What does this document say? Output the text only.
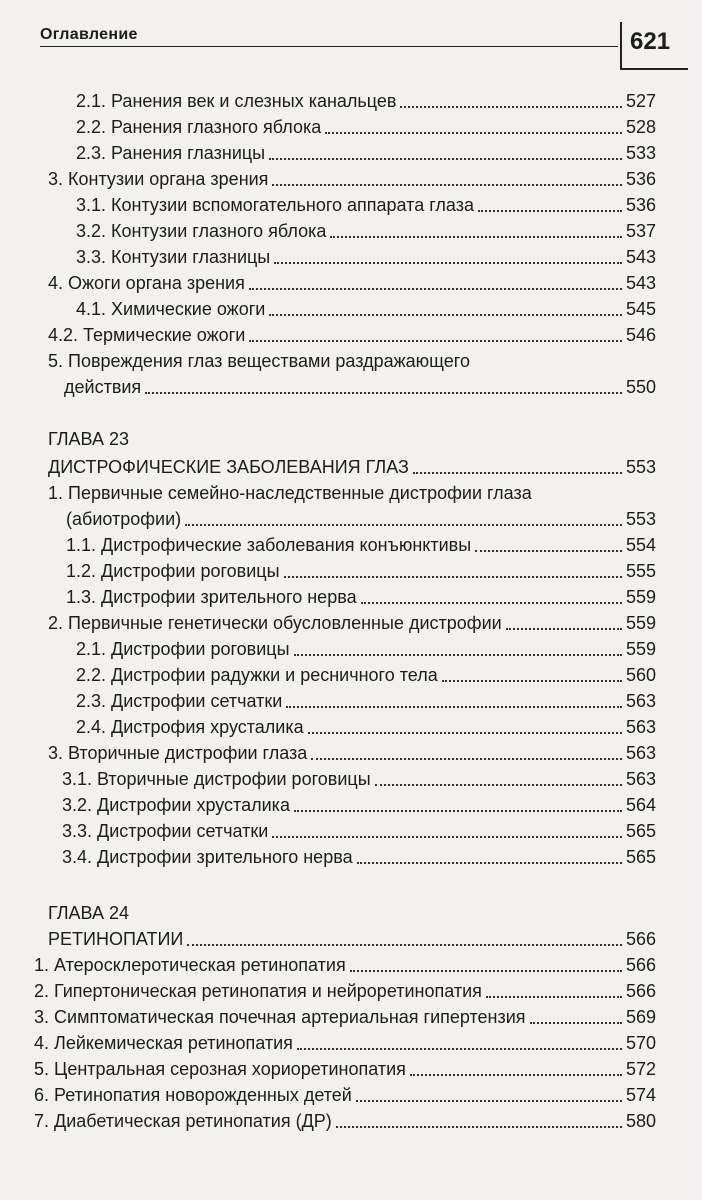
Оглавление	621
2.1. Ранения век и слезных канальцев	527
2.2. Ранения глазного яблока	528
2.3. Ранения глазницы	533
3. Контузии органа зрения	536
3.1. Контузии вспомогательного аппарата глаза	536
3.2. Контузии глазного яблока	537
3.3. Контузии глазницы	543
4. Ожоги органа зрения	543
4.1. Химические ожоги	545
4.2. Термические ожоги	546
5. Повреждения глаз веществами раздражающего
действия	550
ГЛАВА 23
ДИСТРОФИЧЕСКИЕ ЗАБОЛЕВАНИЯ ГЛАЗ	553
1. Первичные семейно-наследственные дистрофии глаза
(абиотрофии)	553
1.1. Дистрофические заболевания конъюнктивы	554
1.2. Дистрофии роговицы	555
1.3. Дистрофии зрительного нерва	559
2. Первичные генетически обусловленные дистрофии	559
2.1. Дистрофии роговицы	559
2.2. Дистрофии радужки и ресничного тела	560
2.3. Дистрофии сетчатки	563
2.4. Дистрофия хрусталика	563
3. Вторичные дистрофии глаза	563
3.1. Вторичные дистрофии роговицы	563
3.2. Дистрофии хрусталика	564
3.3. Дистрофии сетчатки	565
3.4. Дистрофии зрительного нерва	565
ГЛАВА 24
РЕТИНОПАТИИ	566
1. Атеросклеротическая ретинопатия	566
2. Гипертоническая ретинопатия и нейроретинопатия	566
3. Симптоматическая почечная артериальная гипертензия	569
4. Лейкемическая ретинопатия	570
5. Центральная серозная хориоретинопатия	572
6. Ретинопатия новорожденных детей	574
7. Диабетическая ретинопатия (ДР)	580
